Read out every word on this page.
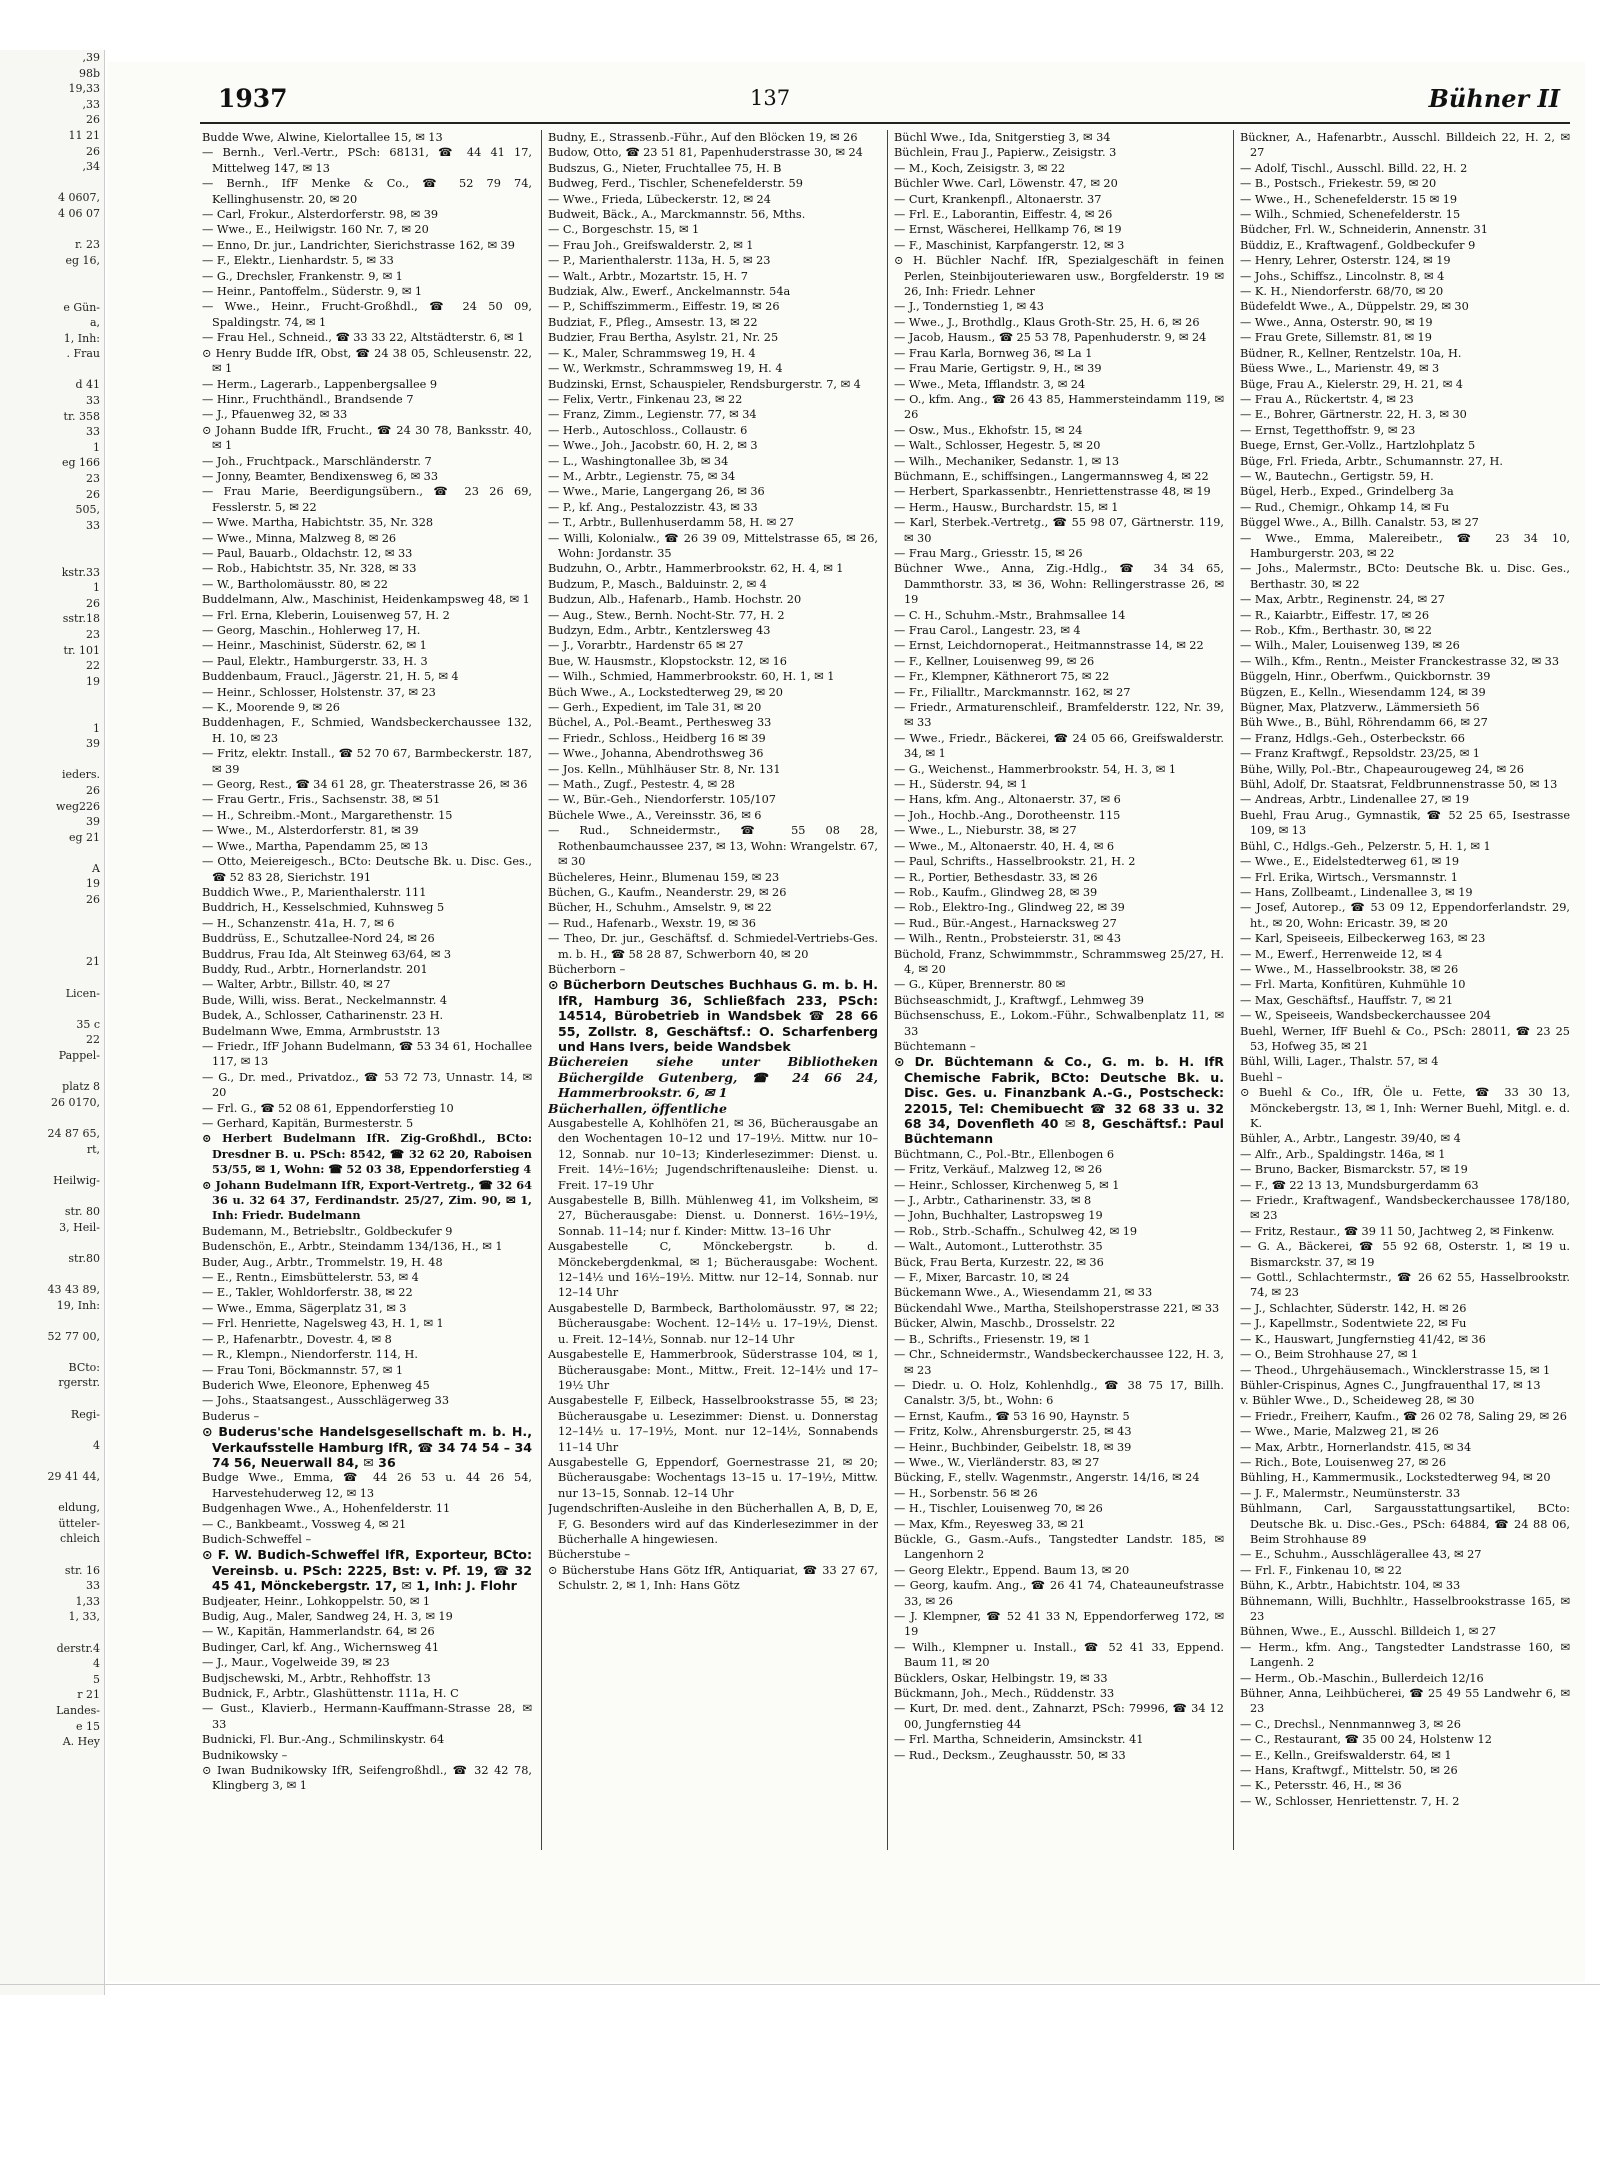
,39
98b
19,33
,33
26
11 21
26
,34

4 0607,
4 06 07

r. 23
eg 16,

e Gün-
a,
1, Inh:
. Frau

d 41
33
tr. 358
33
1
eg 166
23
26
505,
33

kstr.33
1
26
sstr.18
23
tr. 101
22
19

1
39

ieders.
26
weg226
39
eg 21

A
19
26

21

Licen-

35 c
22
Pappel-

platz 8
26 0170,

24 87 65,
rt,

Heilwig-

str. 80
3, Heil-

str.80

43 43 89,
19, Inh:

52 77 00,

BCto:
rgerstr.

Regi-

4

29 41 44,

eldung,
ütteler-
chleich

str. 16
33
1,33
1, 33,

derstr.4
4
5
r 21
Landes-
e 15
A. Hey
1937	137	Bühner II

Budde Wwe, Alwine, Kielortallee 15, ✉ 13

— Bernh., Verl.-Vertr., PSch: 68131, ☎ 44 41 17, Mittelweg 147, ✉ 13

— Bernh., IfF Menke & Co., ☎ 52 79 74, Kellinghusenstr. 20, ✉ 20

— Carl, Frokur., Alsterdorferstr. 98, ✉ 39

— Wwe., E., Heilwigstr. 160 Nr. 7, ✉ 20

— Enno, Dr. jur., Landrichter, Sierichstrasse 162, ✉ 39

— F., Elektr., Lienhardstr. 5, ✉ 33

— G., Drechsler, Frankenstr. 9, ✉ 1

— Heinr., Pantoffelm., Süderstr. 9, ✉ 1

— Wwe., Heinr., Frucht-Großhdl., ☎ 24 50 09, Spaldingstr. 74, ✉ 1

— Frau Hel., Schneid., ☎ 33 33 22, Altstädterstr. 6, ✉ 1

⊙ Henry Budde IfR, Obst, ☎ 24 38 05, Schleusenstr. 22, ✉ 1

— Herm., Lagerarb., Lappenbergsallee 9

— Hinr., Fruchthändl., Brandsende 7

— J., Pfauenweg 32, ✉ 33

⊙ Johann Budde IfR, Frucht., ☎ 24 30 78, Banksstr. 40, ✉ 1

— Joh., Fruchtpack., Marschländerstr. 7

— Jonny, Beamter, Bendixensweg 6, ✉ 33

— Frau Marie, Beerdigungsübern., ☎ 23 26 69, Fesslerstr. 5, ✉ 22

— Wwe. Martha, Habichtstr. 35, Nr. 328

— Wwe., Minna, Malzweg 8, ✉ 26

— Paul, Bauarb., Oldachstr. 12, ✉ 33

— Rob., Habichtstr. 35, Nr. 328, ✉ 33

— W., Bartholomäusstr. 80, ✉ 22

Buddelmann, Alw., Maschinist, Heidenkampsweg 48, ✉ 1

— Frl. Erna, Kleberin, Louisenweg 57, H. 2

— Georg, Maschin., Hohlerweg 17, H.

— Heinr., Maschinist, Süderstr. 62, ✉ 1

— Paul, Elektr., Hamburgerstr. 33, H. 3

Buddenbaum, Fraucl., Jägerstr. 21, H. 5, ✉ 4

— Heinr., Schlosser, Holstenstr. 37, ✉ 23

— K., Moorende 9, ✉ 26

Buddenhagen, F., Schmied, Wandsbeckerchaussee 132, H. 10, ✉ 23

— Fritz, elektr. Install., ☎ 52 70 67, Barmbeckerstr. 187, ✉ 39

— Georg, Rest., ☎ 34 61 28, gr. Theaterstrasse 26, ✉ 36

— Frau Gertr., Fris., Sachsenstr. 38, ✉ 51

— H., Schreibm.-Mont., Margarethenstr. 15

— Wwe., M., Alsterdorferstr. 81, ✉ 39

— Wwe., Martha, Papendamm 25, ✉ 13

— Otto, Meiereigesch., BCto: Deutsche Bk. u. Disc. Ges., ☎ 52 83 28, Sierichstr. 191

Buddich Wwe., P., Marienthalerstr. 111

Buddrich, H., Kesselschmied, Kuhnsweg 5

— H., Schanzenstr. 41a, H. 7, ✉ 6

Buddrüss, E., Schutzallee-Nord 24, ✉ 26

Buddrus, Frau Ida, Alt Steinweg 63/64, ✉ 3

Buddy, Rud., Arbtr., Hornerlandstr. 201

— Walter, Arbtr., Billstr. 40, ✉ 27

Bude, Willi, wiss. Berat., Neckelmannstr. 4

Budek, A., Schlosser, Catharinenstr. 23 H.

Budelmann Wwe, Emma, Armbruststr. 13

— Friedr., IfF Johann Budelmann, ☎ 53 34 61, Hochallee 117, ✉ 13

— G., Dr. med., Privatdoz., ☎ 53 72 73, Unnastr. 14, ✉ 20

— Frl. G., ☎ 52 08 61, Eppendorferstieg 10

— Gerhard, Kapitän, Burmesterstr. 5

⊙ Herbert Budelmann IfR. Zig-Großhdl., BCto: Dresdner B. u. PSch: 8542, ☎ 32 62 20, Raboisen 53/55, ✉ 1, Wohn: ☎ 52 03 38, Eppendorferstieg 4

⊙ Johann Budelmann IfR, Export-Vertretg., ☎ 32 64 36 u. 32 64 37, Ferdinandstr. 25/27, Zim. 90, ✉ 1, Inh: Friedr. Budelmann

Budemann, M., Betriebsltr., Goldbeckufer 9

Budenschön, E., Arbtr., Steindamm 134/136, H., ✉ 1

Buder, Aug., Arbtr., Trommelstr. 19, H. 48

— E., Rentn., Eimsbüttelerstr. 53, ✉ 4

— E., Takler, Wohldorferstr. 38, ✉ 22

— Wwe., Emma, Sägerplatz 31, ✉ 3

— Frl. Henriette, Nagelsweg 43, H. 1, ✉ 1

— P., Hafenarbtr., Dovestr. 4, ✉ 8

— R., Klempn., Niendorferstr. 114, H.

— Frau Toni, Böckmannstr. 57, ✉ 1

Buderich Wwe, Eleonore, Ephenweg 45

— Johs., Staatsangest., Ausschlägerweg 33

Buderus –

⊙ Buderus'sche Handelsgesellschaft m. b. H., Verkaufsstelle Hamburg IfR, ☎ 34 74 54 – 34 74 56, Neuerwall 84, ✉ 36

Budge Wwe., Emma, ☎ 44 26 53 u. 44 26 54, Harvestehuderweg 12, ✉ 13

Budgenhagen Wwe., A., Hohenfelderstr. 11

— C., Bankbeamt., Vossweg 4, ✉ 21

Budich-Schweffel –

⊙ F. W. Budich-Schweffel IfR, Exporteur, BCto: Vereinsb. u. PSch: 2225, Bst: v. Pf. 19, ☎ 32 45 41, Mönckebergstr. 17, ✉ 1, Inh: J. Flohr

Budjeater, Heinr., Lohkoppelstr. 50, ✉ 1

Budig, Aug., Maler, Sandweg 24, H. 3, ✉ 19

— W., Kapitän, Hammerlandstr. 64, ✉ 26

Budinger, Carl, kf. Ang., Wichernsweg 41

— J., Maur., Vogelweide 39, ✉ 23

Budjschewski, M., Arbtr., Rehhoffstr. 13

Budnick, F., Arbtr., Glashüttenstr. 111a, H. C

— Gust., Klavierb., Hermann-Kauffmann-Strasse 28, ✉ 33

Budnicki, Fl. Bur.-Ang., Schmilinskystr. 64

Budnikowsky –

⊙ Iwan Budnikowsky IfR, Seifengroßhdl., ☎ 32 42 78, Klingberg 3, ✉ 1

Budny, E., Strassenb.-Führ., Auf den Blöcken 19, ✉ 26

Budow, Otto, ☎ 23 51 81, Papenhuderstrasse 30, ✉ 24

Budszus, G., Nieter, Fruchtallee 75, H. B

Budweg, Ferd., Tischler, Schenefelderstr. 59

— Wwe., Frieda, Lübeckerstr. 12, ✉ 24

Budweit, Bäck., A., Marckmannstr. 56, Mths.

— C., Borgeschstr. 15, ✉ 1

— Frau Joh., Greifswalderstr. 2, ✉ 1

— P., Marienthalerstr. 113a, H. 5, ✉ 23

— Walt., Arbtr., Mozartstr. 15, H. 7

Budziak, Alw., Ewerf., Anckelmannstr. 54a

— P., Schiffszimmerm., Eiffestr. 19, ✉ 26

Budziat, F., Pfleg., Amsestr. 13, ✉ 22

Budzier, Frau Bertha, Asylstr. 21, Nr. 25

— K., Maler, Schrammsweg 19, H. 4

— W., Werkmstr., Schrammsweg 19, H. 4

Budzinski, Ernst, Schauspieler, Rendsburgerstr. 7, ✉ 4

— Felix, Vertr., Finkenau 23, ✉ 22

— Franz, Zimm., Legienstr. 77, ✉ 34

— Herb., Autoschloss., Collaustr. 6

— Wwe., Joh., Jacobstr. 60, H. 2, ✉ 3

— L., Washingtonallee 3b, ✉ 34

— M., Arbtr., Legienstr. 75, ✉ 34

— Wwe., Marie, Langergang 26, ✉ 36

— P., kf. Ang., Pestalozzistr. 43, ✉ 33

— T., Arbtr., Bullenhuserdamm 58, H. ✉ 27

— Willi, Kolonialw., ☎ 26 39 09, Mittelstrasse 65, ✉ 26, Wohn: Jordanstr. 35

Budzuhn, O., Arbtr., Hammerbrookstr. 62, H. 4, ✉ 1

Budzum, P., Masch., Balduinstr. 2, ✉ 4

Budzun, Alb., Hafenarb., Hamb. Hochstr. 20

— Aug., Stew., Bernh. Nocht-Str. 77, H. 2

Budzyn, Edm., Arbtr., Kentzlersweg 43

— J., Vorarbtr., Hardenstr 65 ✉ 27

Bue, W. Hausmstr., Klopstockstr. 12, ✉ 16

— Wilh., Schmied, Hammerbrookstr. 60, H. 1, ✉ 1

Büch Wwe., A., Lockstedterweg 29, ✉ 20

— Gerh., Expedient, im Tale 31, ✉ 20

Büchel, A., Pol.-Beamt., Perthesweg 33

— Friedr., Schloss., Heidberg 16 ✉ 39

— Wwe., Johanna, Abendrothsweg 36

— Jos. Kelln., Mühlhäuser Str. 8, Nr. 131

— Math., Zugf., Pestestr. 4, ✉ 28

— W., Bür.-Geh., Niendorferstr. 105/107

Büchele Wwe., A., Vereinsstr. 36, ✉ 6

— Rud., Schneidermstr., ☎ 55 08 28, Rothenbaumchaussee 237, ✉ 13, Wohn: Wrangelstr. 67, ✉ 30

Bücheleres, Heinr., Blumenau 159, ✉ 23

Büchen, G., Kaufm., Neanderstr. 29, ✉ 26

Bücher, H., Schuhm., Amselstr. 9, ✉ 22

— Rud., Hafenarb., Wexstr. 19, ✉ 36

— Theo, Dr. jur., Geschäftsf. d. Schmiedel-Vertriebs-Ges. m. b. H., ☎ 58 28 87, Schwerborn 40, ✉ 20

Bücherborn –

⊙ Bücherborn Deutsches Buchhaus G. m. b. H. IfR, Hamburg 36, Schließfach 233, PSch: 14514, Bürobetrieb in Wandsbek ☎ 28 66 55, Zollstr. 8, Geschäftsf.: O. Scharfenberg und Hans Ivers, beide Wandsbek

Büchereien siehe unter Bibliotheken Büchergilde Gutenberg, ☎ 24 66 24, Hammerbrookstr. 6, ✉ 1

Bücherhallen, öffentliche

Ausgabestelle A, Kohlhöfen 21, ✉ 36, Bücherausgabe an den Wochentagen 10–12 und 17–19½. Mittw. nur 10–12, Sonnab. nur 10–13; Kinderlesezimmer: Dienst. u. Freit. 14½–16½; Jugendschriftenausleihe: Dienst. u. Freit. 17–19 Uhr

Ausgabestelle B, Billh. Mühlenweg 41, im Volksheim, ✉ 27, Bücherausgabe: Dienst. u. Donnerst. 16½–19½, Sonnab. 11–14; nur f. Kinder: Mittw. 13–16 Uhr

Ausgabestelle C, Mönckebergstr. b. d. Mönckebergdenkmal, ✉ 1; Bücherausgabe: Wochent. 12–14½ und 16½–19½. Mittw. nur 12–14, Sonnab. nur 12–14 Uhr

Ausgabestelle D, Barmbeck, Bartholomäusstr. 97, ✉ 22; Bücherausgabe: Wochent. 12–14½ u. 17–19½, Dienst. u. Freit. 12–14½, Sonnab. nur 12–14 Uhr

Ausgabestelle E, Hammerbrook, Süderstrasse 104, ✉ 1, Bücherausgabe: Mont., Mittw., Freit. 12–14½ und 17–19½ Uhr

Ausgabestelle F, Eilbeck, Hasselbrookstrasse 55, ✉ 23; Bücherausgabe u. Lesezimmer: Dienst. u. Donnerstag 12–14½ u. 17–19½, Mont. nur 12–14½, Sonnabends 11–14 Uhr

Ausgabestelle G, Eppendorf, Goernestrasse 21, ✉ 20; Bücherausgabe: Wochentags 13–15 u. 17–19½, Mittw. nur 13–15, Sonnab. 12–14 Uhr

Jugendschriften-Ausleihe in den Bücherhallen A, B, D, E, F, G. Besonders wird auf das Kinderlesezimmer in der Bücherhalle A hingewiesen.

Bücherstube –

⊙ Bücherstube Hans Götz IfR, Antiquariat, ☎ 33 27 67, Schulstr. 2, ✉ 1, Inh: Hans Götz

Büchl Wwe., Ida, Snitgerstieg 3, ✉ 34

Büchlein, Frau J., Papierw., Zeisigstr. 3

— M., Koch, Zeisigstr. 3, ✉ 22

Büchler Wwe. Carl, Löwenstr. 47, ✉ 20

— Curt, Krankenpfl., Altonaerstr. 37

— Frl. E., Laborantin, Eiffestr. 4, ✉ 26

— Ernst, Wäscherei, Hellkamp 76, ✉ 19

— F., Maschinist, Karpfangerstr. 12, ✉ 3

⊙ H. Büchler Nachf. IfR, Spezialgeschäft in feinen Perlen, Steinbijouteriewaren usw., Borgfelderstr. 19 ✉ 26, Inh: Friedr. Lehner

— J., Tondernstieg 1, ✉ 43

— Wwe., J., Brothdlg., Klaus Groth-Str. 25, H. 6, ✉ 26

— Jacob, Hausm., ☎ 25 53 78, Papenhuderstr. 9, ✉ 24

— Frau Karla, Bornweg 36, ✉ La 1

— Frau Marie, Gertigstr. 9, H., ✉ 39

— Wwe., Meta, Ifflandstr. 3, ✉ 24

— O., kfm. Ang., ☎ 26 43 85, Hammersteindamm 119, ✉ 26

— Osw., Mus., Ekhofstr. 15, ✉ 24

— Walt., Schlosser, Hegestr. 5, ✉ 20

— Wilh., Mechaniker, Sedanstr. 1, ✉ 13

Büchmann, E., schiffsingen., Langermannsweg 4, ✉ 22

— Herbert, Sparkassenbtr., Henriettenstrasse 48, ✉ 19

— Herm., Hausw., Burchardstr. 15, ✉ 1

— Karl, Sterbek.-Vertretg., ☎ 55 98 07, Gärtnerstr. 119, ✉ 30

— Frau Marg., Griesstr. 15, ✉ 26

Büchner Wwe., Anna, Zig.-Hdlg., ☎ 34 34 65, Dammthorstr. 33, ✉ 36, Wohn: Rellingerstrasse 26, ✉ 19

— C. H., Schuhm.-Mstr., Brahmsallee 14

— Frau Carol., Langestr. 23, ✉ 4

— Ernst, Leichdornoperat., Heitmannstrasse 14, ✉ 22

— F., Kellner, Louisenweg 99, ✉ 26

— Fr., Klempner, Käthnerort 75, ✉ 22

— Fr., Filialltr., Marckmannstr. 162, ✉ 27

— Friedr., Armaturenschleif., Bramfelderstr. 122, Nr. 39, ✉ 33

— Wwe., Friedr., Bäckerei, ☎ 24 05 66, Greifswalderstr. 34, ✉ 1

— G., Weichenst., Hammerbrookstr. 54, H. 3, ✉ 1

— H., Süderstr. 94, ✉ 1

— Hans, kfm. Ang., Altonaerstr. 37, ✉ 6

— Joh., Hochb.-Ang., Dorotheenstr. 115

— Wwe., L., Nieburstr. 38, ✉ 27

— Wwe., M., Altonaerstr. 40, H. 4, ✉ 6

— Paul, Schrifts., Hasselbrookstr. 21, H. 2

— R., Portier, Bethesdastr. 33, ✉ 26

— Rob., Kaufm., Glindweg 28, ✉ 39

— Rob., Elektro-Ing., Glindweg 22, ✉ 39

— Rud., Bür.-Angest., Harnacksweg 27

— Wilh., Rentn., Probsteierstr. 31, ✉ 43

Büchold, Franz, Schwimmmstr., Schrammsweg 25/27, H. 4, ✉ 20

— G., Küper, Brennerstr. 80 ✉

Büchseaschmidt, J., Kraftwgf., Lehmweg 39

Büchsenschuss, E., Lokom.-Führ., Schwalbenplatz 11, ✉ 33

Büchtemann –

⊙ Dr. Büchtemann & Co., G. m. b. H. IfR Chemische Fabrik, BCto: Deutsche Bk. u. Disc. Ges. u. Finanzbank A.-G., Postscheck: 22015, Tel: Chemibuecht ☎ 32 68 33 u. 32 68 34, Dovenfleth 40 ✉ 8, Geschäftsf.: Paul Büchtemann

Büchtmann, C., Pol.-Btr., Ellenbogen 6

— Fritz, Verkäuf., Malzweg 12, ✉ 26

— Heinr., Schlosser, Kirchenweg 5, ✉ 1

— J., Arbtr., Catharinenstr. 33, ✉ 8

— John, Buchhalter, Lastropsweg 19

— Rob., Strb.-Schaffn., Schulweg 42, ✉ 19

— Walt., Automont., Lutterothstr. 35

Bück, Frau Berta, Kurzestr. 22, ✉ 36

— F., Mixer, Barcastr. 10, ✉ 24

Bückemann Wwe., A., Wiesendamm 21, ✉ 33

Bückendahl Wwe., Martha, Steilshoperstrasse 221, ✉ 33

Bücker, Alwin, Maschb., Drosselstr. 22

— B., Schrifts., Friesenstr. 19, ✉ 1

— Chr., Schneidermstr., Wandsbeckerchaussee 122, H. 3, ✉ 23

— Diedr. u. O. Holz, Kohlenhdlg., ☎ 38 75 17, Billh. Canalstr. 3/5, bt., Wohn: 6

— Ernst, Kaufm., ☎ 53 16 90, Haynstr. 5

— Fritz, Kolw., Ahrensburgerstr. 25, ✉ 43

— Heinr., Buchbinder, Geibelstr. 18, ✉ 39

— Wwe., W., Vierländerstr. 83, ✉ 27

Bücking, F., stellv. Wagenmstr., Angerstr. 14/16, ✉ 24

— H., Sorbenstr. 56 ✉ 26

— H., Tischler, Louisenweg 70, ✉ 26

— Max, Kfm., Reyesweg 33, ✉ 21

Bückle, G., Gasm.-Aufs., Tangstedter Landstr. 185, ✉ Langenhorn 2

— Georg Elektr., Eppend. Baum 13, ✉ 20

— Georg, kaufm. Ang., ☎ 26 41 74, Chateauneufstrasse 33, ✉ 26

— J. Klempner, ☎ 52 41 33 N, Eppendorferweg 172, ✉ 19

— Wilh., Klempner u. Install., ☎ 52 41 33, Eppend. Baum 11, ✉ 20

Bücklers, Oskar, Helbingstr. 19, ✉ 33

Bückmann, Joh., Mech., Rüddenstr. 33

— Kurt, Dr. med. dent., Zahnarzt, PSch: 79996, ☎ 34 12 00, Jungfernstieg 44

— Frl. Martha, Schneiderin, Amsinckstr. 41

— Rud., Decksm., Zeughausstr. 50, ✉ 33

Bückner, A., Hafenarbtr., Ausschl. Billdeich 22, H. 2, ✉ 27

— Adolf, Tischl., Ausschl. Billd. 22, H. 2

— B., Postsch., Friekestr. 59, ✉ 20

— Wwe., H., Schenefelderstr. 15 ✉ 19

— Wilh., Schmied, Schenefelderstr. 15

Büdcher, Frl. W., Schneiderin, Annenstr. 31

Büddiz, E., Kraftwagenf., Goldbeckufer 9

— Henry, Lehrer, Osterstr. 124, ✉ 19

— Johs., Schiffsz., Lincolnstr. 8, ✉ 4

— K. H., Niendorferstr. 68/70, ✉ 20

Büdefeldt Wwe., A., Düppelstr. 29, ✉ 30

— Wwe., Anna, Osterstr. 90, ✉ 19

— Frau Grete, Sillemstr. 81, ✉ 19

Büdner, R., Kellner, Rentzelstr. 10a, H.

Büess Wwe., L., Marienstr. 49, ✉ 3

Büge, Frau A., Kielerstr. 29, H. 21, ✉ 4

— Frau A., Rückertstr. 4, ✉ 23

— E., Bohrer, Gärtnerstr. 22, H. 3, ✉ 30

— Ernst, Tegetthoffstr. 9, ✉ 23

Buege, Ernst, Ger.-Vollz., Hartzlohplatz 5

Büge, Frl. Frieda, Arbtr., Schumannstr. 27, H.

— W., Bautechn., Gertigstr. 59, H.

Bügel, Herb., Exped., Grindelberg 3a

— Rud., Chemigr., Ohkamp 14, ✉ Fu

Büggel Wwe., A., Billh. Canalstr. 53, ✉ 27

— Wwe., Emma, Malereibetr., ☎ 23 34 10, Hamburgerstr. 203, ✉ 22

— Johs., Malermstr., BCto: Deutsche Bk. u. Disc. Ges., Berthastr. 30, ✉ 22

— Max, Arbtr., Reginenstr. 24, ✉ 27

— R., Kaiarbtr., Eiffestr. 17, ✉ 26

— Rob., Kfm., Berthastr. 30, ✉ 22

— Wilh., Maler, Louisenweg 139, ✉ 26

— Wilh., Kfm., Rentn., Meister Franckestrasse 32, ✉ 33

Büggeln, Hinr., Oberfwm., Quickbornstr. 39

Bügzen, E., Kelln., Wiesendamm 124, ✉ 39

Bügner, Max, Platzverw., Lämmersieth 56

Büh Wwe., B., Bühl, Röhrendamm 66, ✉ 27

— Franz, Hdlgs.-Geh., Osterbeckstr. 66

— Franz Kraftwgf., Repsoldstr. 23/25, ✉ 1

Bühe, Willy, Pol.-Btr., Chapeaurougeweg 24, ✉ 26

Bühl, Adolf, Dr. Staatsrat, Feldbrunnenstrasse 50, ✉ 13

— Andreas, Arbtr., Lindenallee 27, ✉ 19

Buehl, Frau Arug., Gymnastik, ☎ 52 25 65, Isestrasse 109, ✉ 13

Bühl, C., Hdlgs.-Geh., Pelzerstr. 5, H. 1, ✉ 1

— Wwe., E., Eidelstedterweg 61, ✉ 19

— Frl. Erika, Wirtsch., Versmannstr. 1

— Hans, Zollbeamt., Lindenallee 3, ✉ 19

— Josef, Autorep., ☎ 53 09 12, Eppendorferlandstr. 29, ht., ✉ 20, Wohn: Ericastr. 39, ✉ 20

— Karl, Speiseeis, Eilbeckerweg 163, ✉ 23

— M., Ewerf., Herrenweide 12, ✉ 4

— Wwe., M., Hasselbrookstr. 38, ✉ 26

— Frl. Marta, Konfitüren, Kuhmühle 10

— Max, Geschäftsf., Hauffstr. 7, ✉ 21

— W., Speiseeis, Wandsbeckerchaussee 204

Buehl, Werner, IfF Buehl & Co., PSch: 28011, ☎ 23 25 53, Hofweg 35, ✉ 21

Bühl, Willi, Lager., Thalstr. 57, ✉ 4

Buehl –

⊙ Buehl & Co., IfR, Öle u. Fette, ☎ 33 30 13, Mönckebergstr. 13, ✉ 1, Inh: Werner Buehl, Mitgl. e. d. K.

Bühler, A., Arbtr., Langestr. 39/40, ✉ 4

— Alfr., Arb., Spaldingstr. 146a, ✉ 1

— Bruno, Backer, Bismarckstr. 57, ✉ 19

— F., ☎ 22 13 13, Mundsburgerdamm 63

— Friedr., Kraftwagenf., Wandsbeckerchaussee 178/180, ✉ 23

— Fritz, Restaur., ☎ 39 11 50, Jachtweg 2, ✉ Finkenw.

— G. A., Bäckerei, ☎ 55 92 68, Osterstr. 1, ✉ 19 u. Bismarckstr. 37, ✉ 19

— Gottl., Schlachtermstr., ☎ 26 62 55, Hasselbrookstr. 74, ✉ 23

— J., Schlachter, Süderstr. 142, H. ✉ 26

— J., Kapellmstr., Sodentwiete 22, ✉ Fu

— K., Hauswart, Jungfernstieg 41/42, ✉ 36

— O., Beim Strohhause 27, ✉ 1

— Theod., Uhrgehäusemach., Wincklerstrasse 15, ✉ 1

Bühler-Crispinus, Agnes C., Jungfrauenthal 17, ✉ 13

v. Bühler Wwe., D., Scheideweg 28, ✉ 30

— Friedr., Freiherr, Kaufm., ☎ 26 02 78, Saling 29, ✉ 26

— Wwe., Marie, Malzweg 21, ✉ 26

— Max, Arbtr., Hornerlandstr. 415, ✉ 34

— Rich., Bote, Louisenweg 27, ✉ 26

Bühling, H., Kammermusik., Lockstedterweg 94, ✉ 20

— J. F., Malermstr., Neumünsterstr. 33

Bühlmann, Carl, Sargausstattungsartikel, BCto: Deutsche Bk. u. Disc.-Ges., PSch: 64884, ☎ 24 88 06, Beim Strohhause 89

— E., Schuhm., Ausschlägerallee 43, ✉ 27

— Frl. F., Finkenau 10, ✉ 22

Bühn, K., Arbtr., Habichtstr. 104, ✉ 33

Bühnemann, Willi, Buchhltr., Hasselbrookstrasse 165, ✉ 23

Bühnen, Wwe., E., Ausschl. Billdeich 1, ✉ 27

— Herm., kfm. Ang., Tangstedter Landstrasse 160, ✉ Langenh. 2

— Herm., Ob.-Maschin., Bullerdeich 12/16

Bühner, Anna, Leihbücherei, ☎ 25 49 55 Landwehr 6, ✉ 23

— C., Drechsl., Nennmannweg 3, ✉ 26

— C., Restaurant, ☎ 35 00 24, Holstenw 12

— E., Kelln., Greifswalderstr. 64, ✉ 1

— Hans, Kraftwgf., Mittelstr. 50, ✉ 26

— K., Petersstr. 46, H., ✉ 36

— W., Schlosser, Henriettenstr. 7, H. 2
